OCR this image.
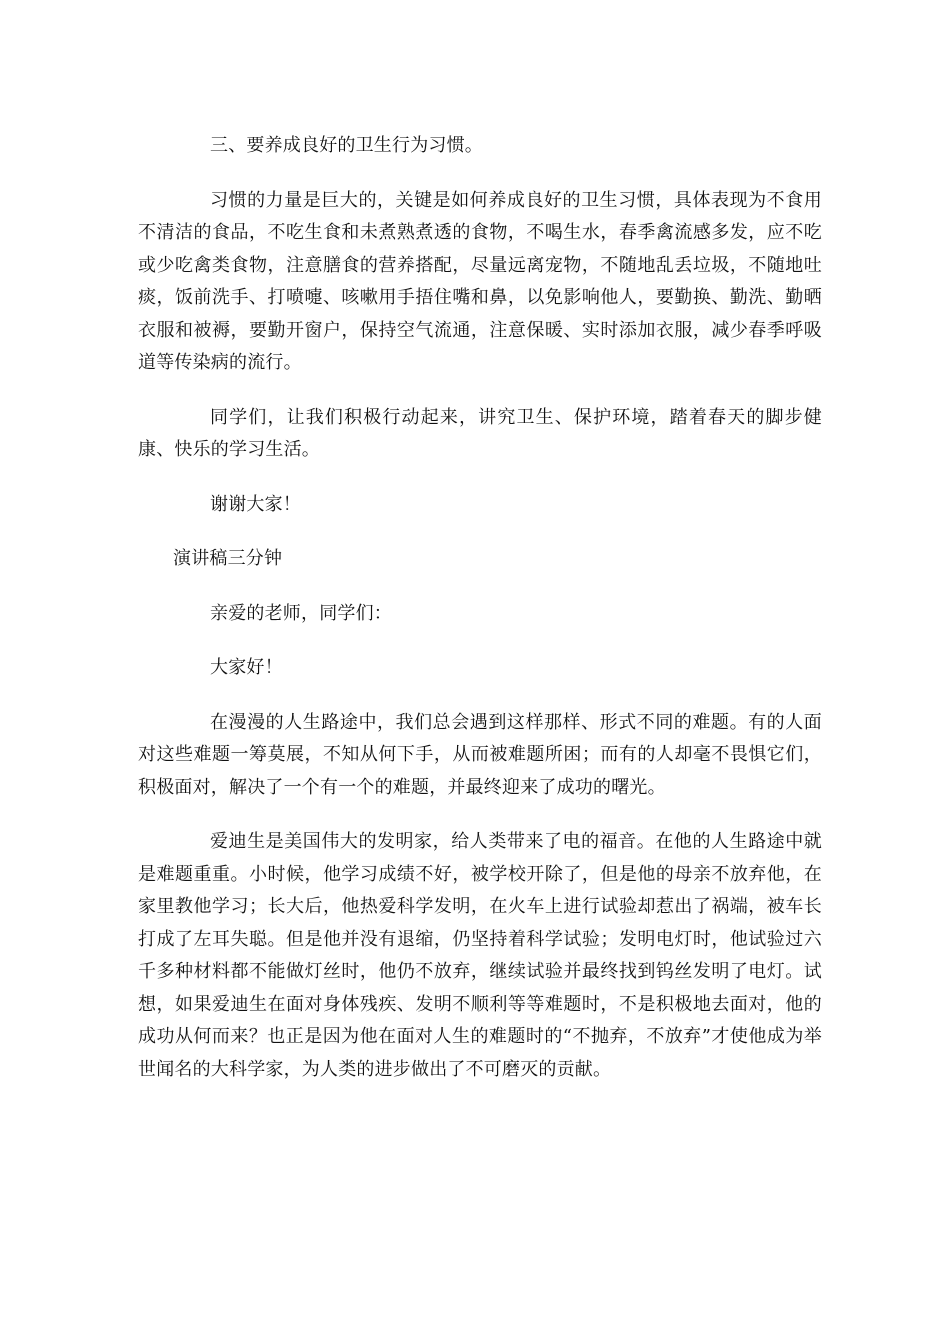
三、要养成良好的卫生行为习惯。

习惯的力量是巨大的，关键是如何养成良好的卫生习惯，具体表现为不食用不清洁的食品，不吃生食和未煮熟煮透的食物，不喝生水，春季禽流感多发，应不吃或少吃禽类食物，注意膳食的营养搭配，尽量远离宠物，不随地乱丢垃圾，不随地吐痰，饭前洗手、打喷嚏、咳嗽用手捂住嘴和鼻，以免影响他人，要勤换、勤洗、勤晒衣服和被褥，要勤开窗户，保持空气流通，注意保暖、实时添加衣服，减少春季呼吸道等传染病的流行。

同学们，让我们积极行动起来，讲究卫生、保护环境，踏着春天的脚步健康、快乐的学习生活。

谢谢大家！

演讲稿三分钟

亲爱的老师，同学们：

大家好！

在漫漫的人生路途中，我们总会遇到这样那样、形式不同的难题。有的人面对这些难题一筹莫展，不知从何下手，从而被难题所困；而有的人却毫不畏惧它们，积极面对，解决了一个有一个的难题，并最终迎来了成功的曙光。

爱迪生是美国伟大的发明家，给人类带来了电的福音。在他的人生路途中就是难题重重。小时候，他学习成绩不好，被学校开除了，但是他的母亲不放弃他，在家里教他学习；长大后，他热爱科学发明，在火车上进行试验却惹出了祸端，被车长打成了左耳失聪。但是他并没有退缩，仍坚持着科学试验；发明电灯时，他试验过六千多种材料都不能做灯丝时，他仍不放弃，继续试验并最终找到钨丝发明了电灯。试想，如果爱迪生在面对身体残疾、发明不顺利等等难题时，不是积极地去面对，他的成功从何而来？也正是因为他在面对人生的难题时的“不抛弃，不放弃”才使他成为举世闻名的大科学家，为人类的进步做出了不可磨灭的贡献。
